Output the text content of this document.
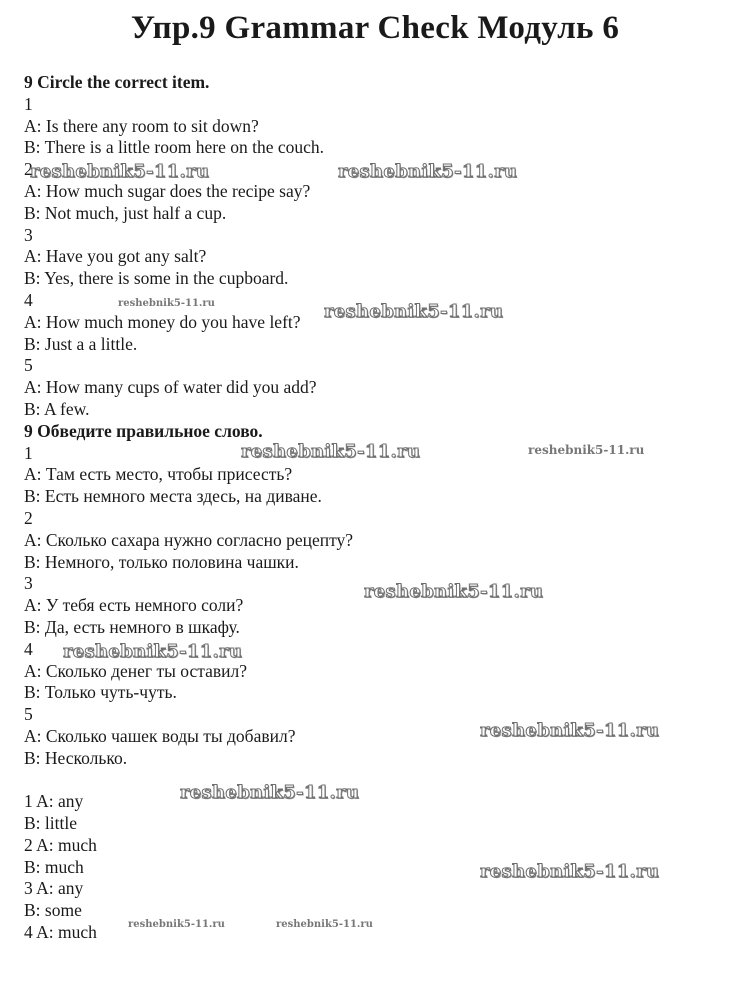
Упр.9 Grammar Check Модуль 6
9 Circle the correct item.
1
A: Is there any room to sit down?
B: There is a little room here on the couch.
2
A: How much sugar does the recipe say?
B: Not much, just half a cup.
3
A: Have you got any salt?
B: Yes, there is some in the cupboard.
4
A: How much money do you have left?
B: Just a a little.
5
A: How many cups of water did you add?
B: A few.
9 Обведите правильное слово.
1
A: Там есть место, чтобы присесть?
B: Есть немного места здесь, на диване.
2
A: Сколько сахара нужно согласно рецепту?
B: Немного, только половина чашки.
3
A: У тебя есть немного соли?
B: Да, есть немного в шкафу.
4
A: Сколько денег ты оставил?
B: Только чуть-чуть.
5
A: Сколько чашек воды ты добавил?
B: Несколько.
1 A: any
B: little
2 A: much
B: much
3 A: any
B: some
4 A: much
reshebnik5-11.ru	reshebnik5-11.ru
reshebnik5-11.ru	reshebnik5-11.ru
reshebnik5-11.ru	reshebnik5-11.ru
reshebnik5-11.ru
reshebnik5-11.ru
reshebnik5-11.ru
reshebnik5-11.ru
reshebnik5-11.ru
reshebnik5-11.ru	reshebnik5-11.ru
